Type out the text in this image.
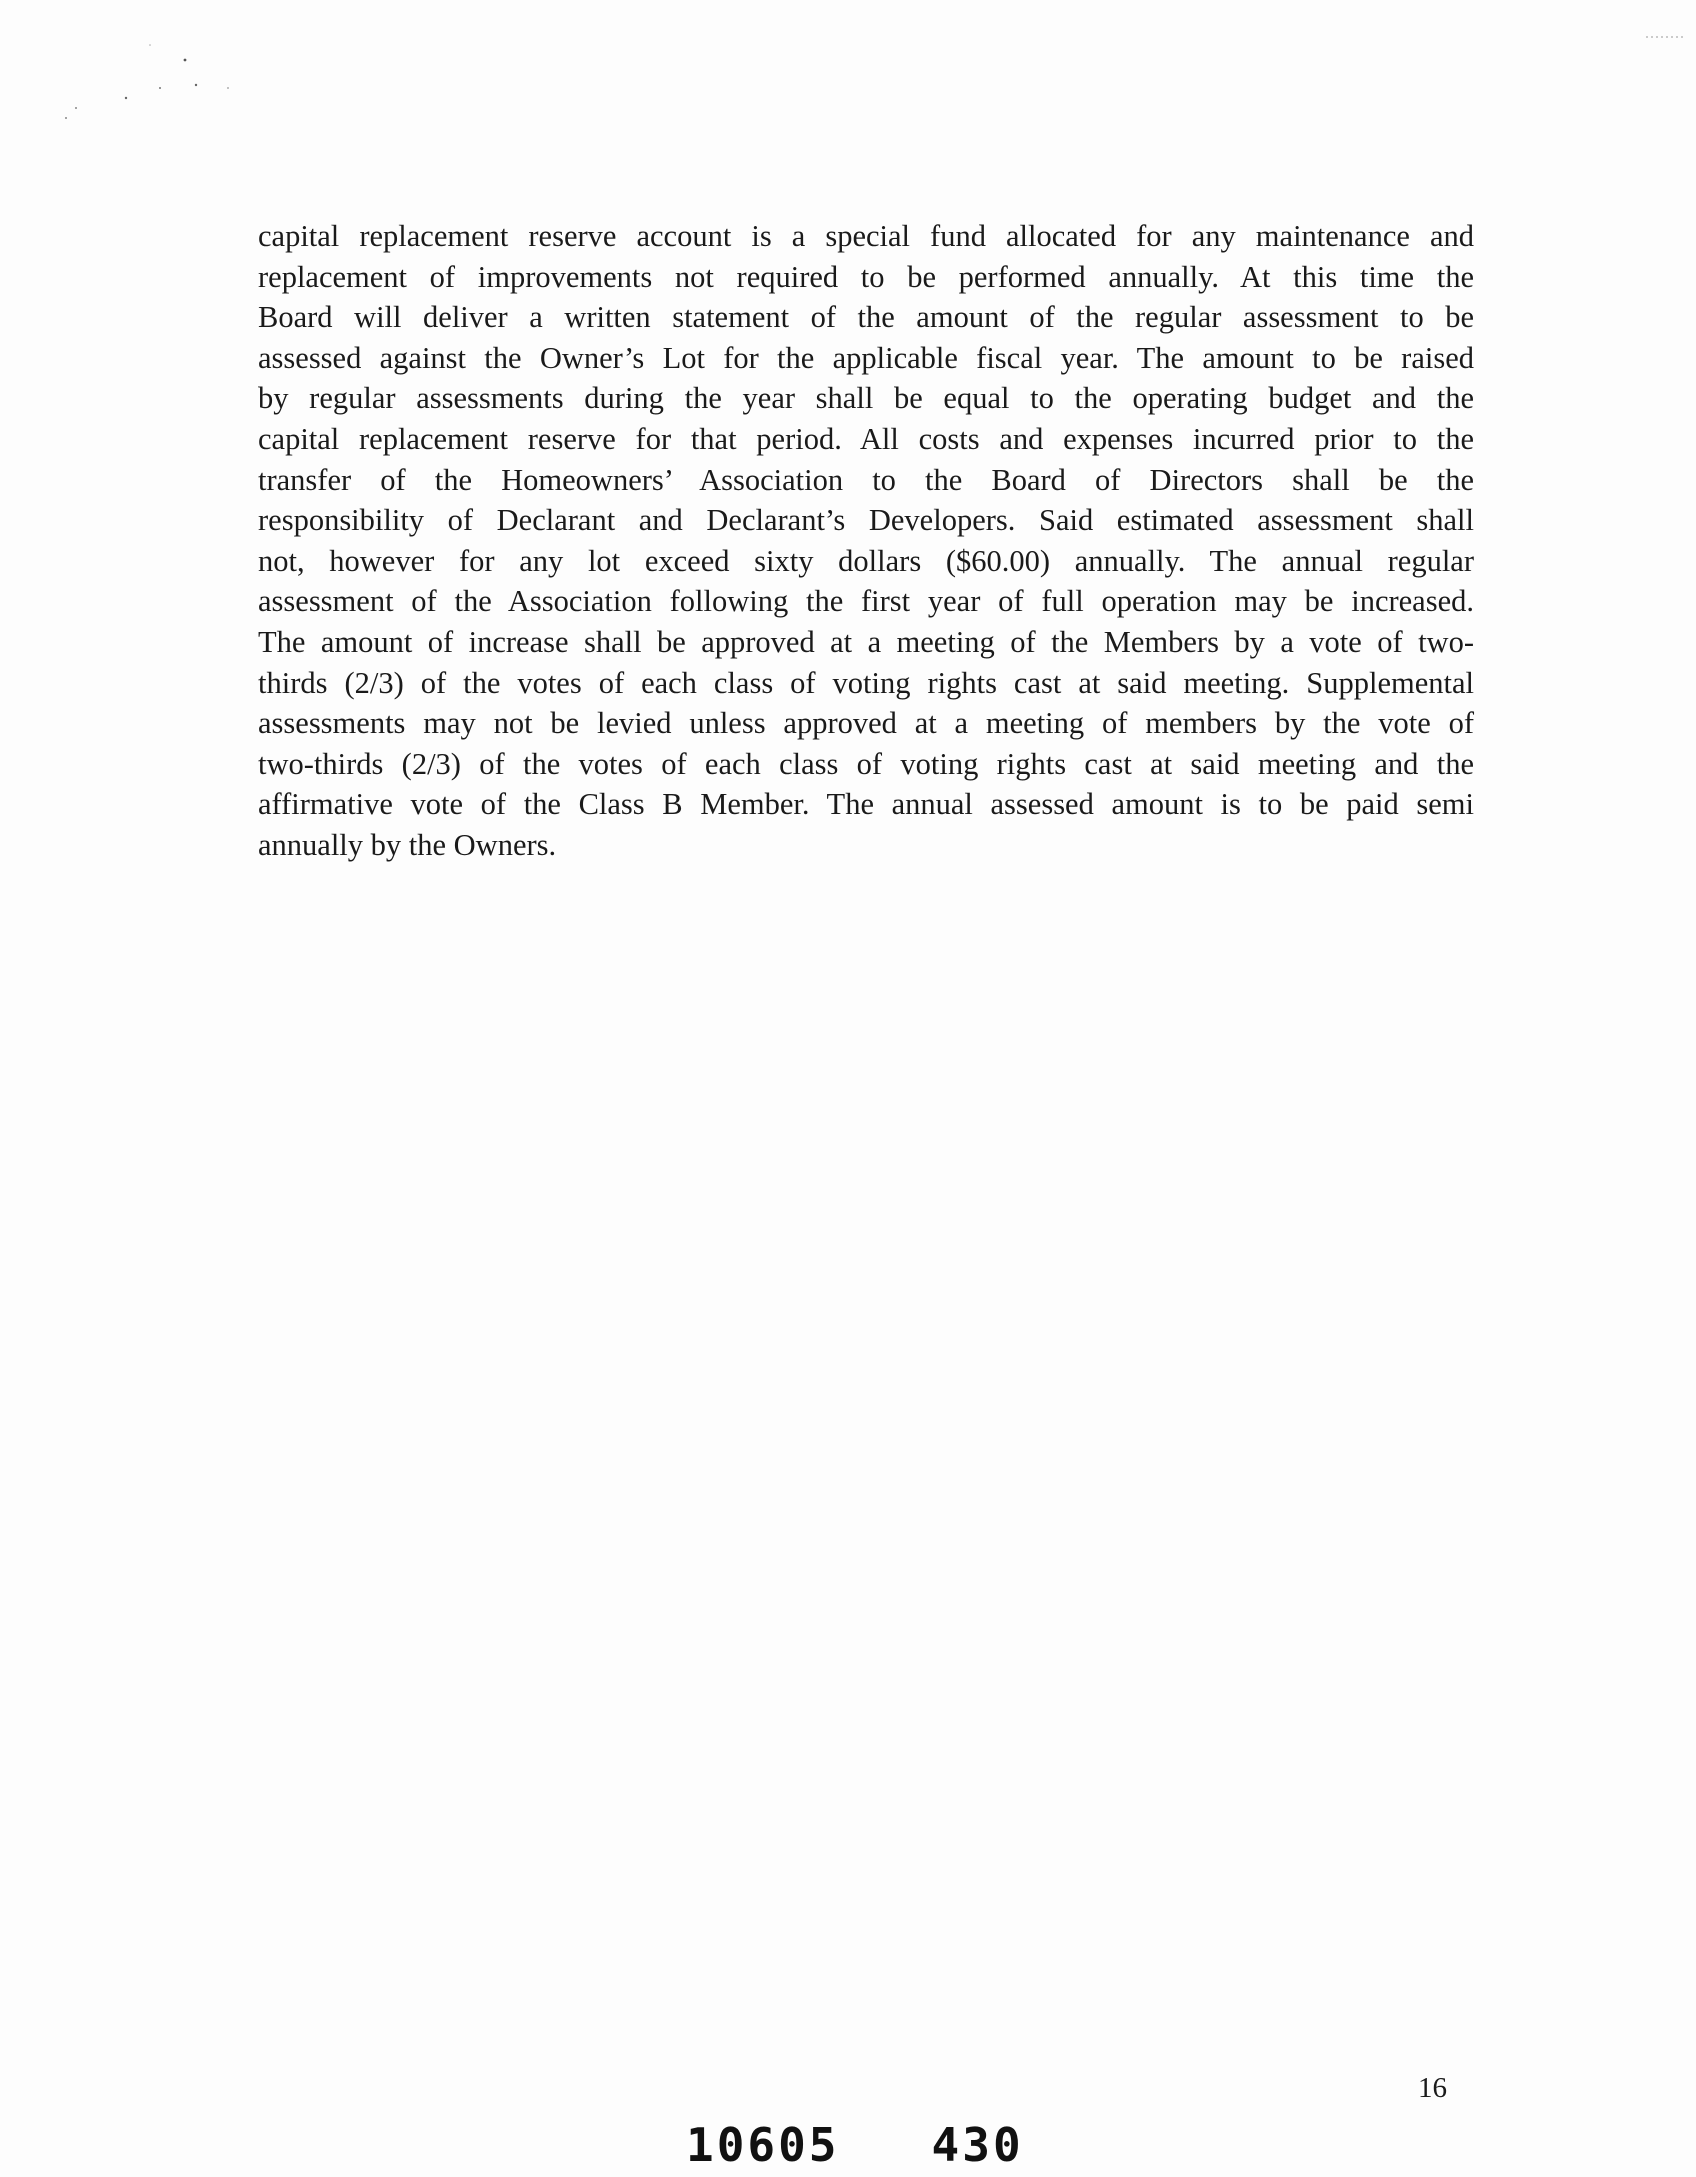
capital replacement reserve account is a special fund allocated for any maintenance and
replacement of improvements not required to be performed annually. At this time the
Board will deliver a written statement of the amount of the regular assessment to be
assessed against the Owner’s Lot for the applicable fiscal year. The amount to be raised
by regular assessments during the year shall be equal to the operating budget and the
capital replacement reserve for that period. All costs and expenses incurred prior to the
transfer of the Homeowners’ Association to the Board of Directors shall be the
responsibility of Declarant and Declarant’s Developers. Said estimated assessment shall
not, however for any lot exceed sixty dollars ($60.00) annually. The annual regular
assessment of the Association following the first year of full operation may be increased.
The amount of increase shall be approved at a meeting of the Members by a vote of two-
thirds (2/3) of the votes of each class of voting rights cast at said meeting. Supplemental
assessments may not be levied unless approved at a meeting of members by the vote of
two-thirds (2/3) of the votes of each class of voting rights cast at said meeting and the
affirmative vote of the Class B Member. The annual assessed amount is to be paid semi
annually by the Owners.
16
10605   430
